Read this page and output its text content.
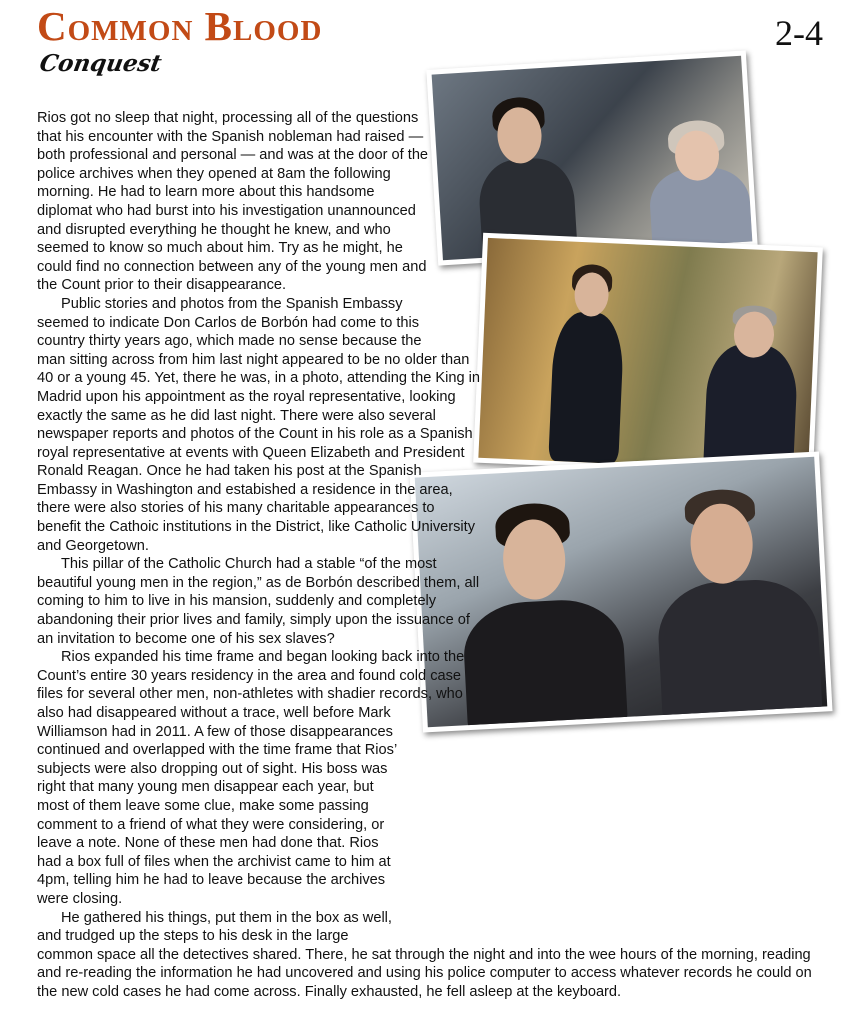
Common Blood
Conquest
2-4

Rios got no sleep that night, processing all of the questions that his encounter with the Spanish nobleman had raised — both professional and personal — and was at the door of the police archives when they opened at 8am the following morning. He had to learn more about this handsome diplomat who had burst into his investigation unannounced and disrupted everything he thought he knew, and who seemed to know so much about him. Try as he might, he could find no connection between any of the young men and the Count prior to their disappearance.

Public stories and photos from the Spanish Embassy seemed to indicate Don Carlos de Borbón had come to this country thirty years ago, which made no sense because the man sitting across from him last night appeared to be no older than 40 or a young 45. Yet, there he was, in a photo, attending the King in Madrid upon his appointment as the royal representative, looking exactly the same as he did last night. There were also several newspaper reports and photos of the Count in his role as a Spanish royal representative at events with Queen Elizabeth and President Ronald Reagan. Once he had taken his post at the Spanish Embassy in Washington and estabished a residence in the area, there were also stories of his many charitable appearances to benefit the Cathoic institutions in the District, like Catholic University and Georgetown.

This pillar of the Catholic Church had a stable “of the most beautiful young men in the region,” as de Borbón described them, all coming to him to live in his mansion, suddenly and completely abandoning their prior lives and family, simply upon the issuance of an invitation to become one of his sex slaves?

Rios expanded his time frame and began looking back into the Count’s entire 30 years residency in the area and found cold case files for several other men, non-athletes with shadier records, who also had disappeared without a trace, well before Mark Williamson had in 2011. A few of those disappearances continued and overlapped with the time frame that Rios’ subjects were also dropping out of sight. His boss was right that many young men disappear each year, but most of them leave some clue, make some passing comment to a friend of what they were considering, or leave a note. None of these men had done that. Rios had a box full of files when the archivist came to him at 4pm, telling him he had to leave because the archives were closing.

He gathered his things, put them in the box as well, and trudged up the steps to his desk in the large common space all the detectives shared. There, he sat through the night and into the wee hours of the morning, reading and re-reading the information he had uncovered and using his police computer to access whatever records he could on the new cold cases he had come across. Finally exhausted, he fell asleep at the keyboard.
